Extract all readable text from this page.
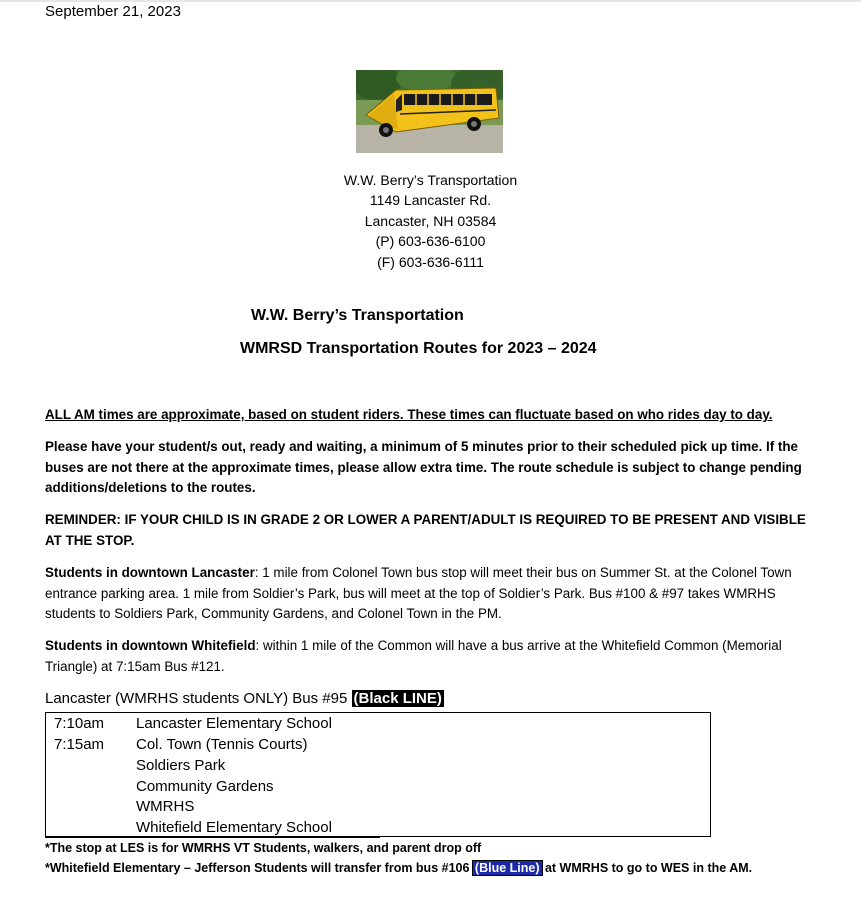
September 21, 2023
W.W. Berry’s Transportation
1149 Lancaster Rd.
Lancaster, NH 03584
(P) 603-636-6100
(F) 603-636-6111
W.W. Berry’s Transportation
WMRSD Transportation Routes for 2023 – 2024
ALL AM times are approximate, based on student riders. These times can fluctuate based on who rides day to day.
Please have your student/s out, ready and waiting, a minimum of 5 minutes prior to their scheduled pick up time. If the buses are not there at the approximate times, please allow extra time. The route schedule is subject to change pending additions/deletions to the routes.
REMINDER: IF YOUR CHILD IS IN GRADE 2 OR LOWER A PARENT/ADULT IS REQUIRED TO BE PRESENT AND VISIBLE AT THE STOP.
Students in downtown Lancaster: 1 mile from Colonel Town bus stop will meet their bus on Summer St. at the Colonel Town entrance parking area. 1 mile from Soldier’s Park, bus will meet at the top of Soldier’s Park. Bus #100 & #97 takes WMRHS students to Soldiers Park, Community Gardens, and Colonel Town in the PM.
Students in downtown Whitefield: within 1 mile of the Common will have a bus arrive at the Whitefield Common (Memorial Triangle) at 7:15am Bus #121.
Lancaster (WMRHS students ONLY) Bus #95 (Black LINE)
7:10am	Lancaster Elementary School
7:15am	Col. Town (Tennis Courts)
Soldiers Park
Community Gardens
WMRHS
Whitefield Elementary School
*The stop at LES is for WMRHS VT Students, walkers, and parent drop off
*Whitefield Elementary – Jefferson Students will transfer from bus #106 (Blue Line) at WMRHS to go to WES in the AM.
